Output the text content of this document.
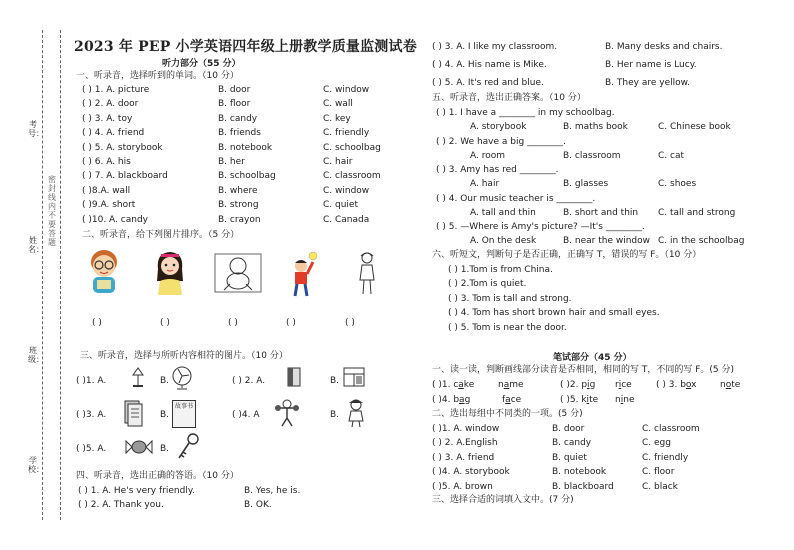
考号：
姓名：
班级：
学校：
密 封 线 内 不 要 答 题
2023 年 PEP 小学英语四年级上册教学质量监测试卷
听力部分（55 分）
一、听录音，选择听到的单词。（10 分）
( ) 1. A. picture	B. door	C. window
( ) 2. A. door	B. floor	C. wall
( ) 3. A. toy	B. candy	C. key
( ) 4. A. friend	B. friends	C. friendly
( ) 5. A. storybook	B. notebook	C. schoolbag
( ) 6. A. his	B. her	C. hair
( ) 7. A. blackboard	B. schoolbag	C. classroom
( )8.A. wall	B. where	C. window
( )9.A. short	B. strong	C. quiet
( )10. A. candy	B. crayon	C. Canada
二、听录音，给下列图片排序。（5 分）
( )	( )	( )	( )	( )
三、听录音，选择与所听内容相符的图片。（10 分）
( )1. A.	B.	( ) 2. A.	B.
( )3. A.	B.
故事书
( )4. A	B.
( )5. A.	B.
四、听录音，选出正确的答语。（10 分）
( ) 1. A. He's very friendly.	B. Yes, he is.
( ) 2. A. Thank you.	B. OK.
( ) 3. A. I like my classroom.	B. Many desks and chairs.
( ) 4. A. His name is Mike.	B. Her name is Lucy.
( ) 5. A. It's red and blue.	B. They are yellow.
五、听录音，选出正确答案。（10 分）
( ) 1. I have a ________ in my schoolbag.
A. storybook	B. maths book	C. Chinese book
( ) 2. We have a big ________.
A. room	B. classroom	C. cat
( ) 3. Amy has red ________.
A. hair	B. glasses	C. shoes
( ) 4. Our music teacher is ________.
A. tall and thin	B. short and thin C. tall and strong
( ) 5. —Where is Amy's picture? —It's ________.
A. On the desk	B. near the window C. in the schoolbag
六、听短文，判断句子是否正确，正确写 T，错误的写 F。（10 分）
( ) 1.Tom is from China.
( ) 2.Tom is quiet.
( ) 3. Tom is tall and strong.
( ) 4. Tom has short brown hair and small eyes.
( ) 5. Tom is near the door.
笔试部分（45 分）
一、读一读，判断画线部分读音是否相同，相同的写 T，不同的写 F。(5 分)
( )1. cake	name	( )2. pig rice	( ) 3. box	note
( )4. bag	face	( )5. kite nine
二、选出每组中不同类的一项。(5 分)
( )1. A. window	B. door	C. classroom
( ) 2. A.English	B. candy	C. egg
( ) 3. A. friend	B. quiet	C. friendly
( )4. A. storybook	B. notebook	C. floor
( )5. A. brown	B. blackboard	C. black
三、选择合适的词填入文中。(7 分)
